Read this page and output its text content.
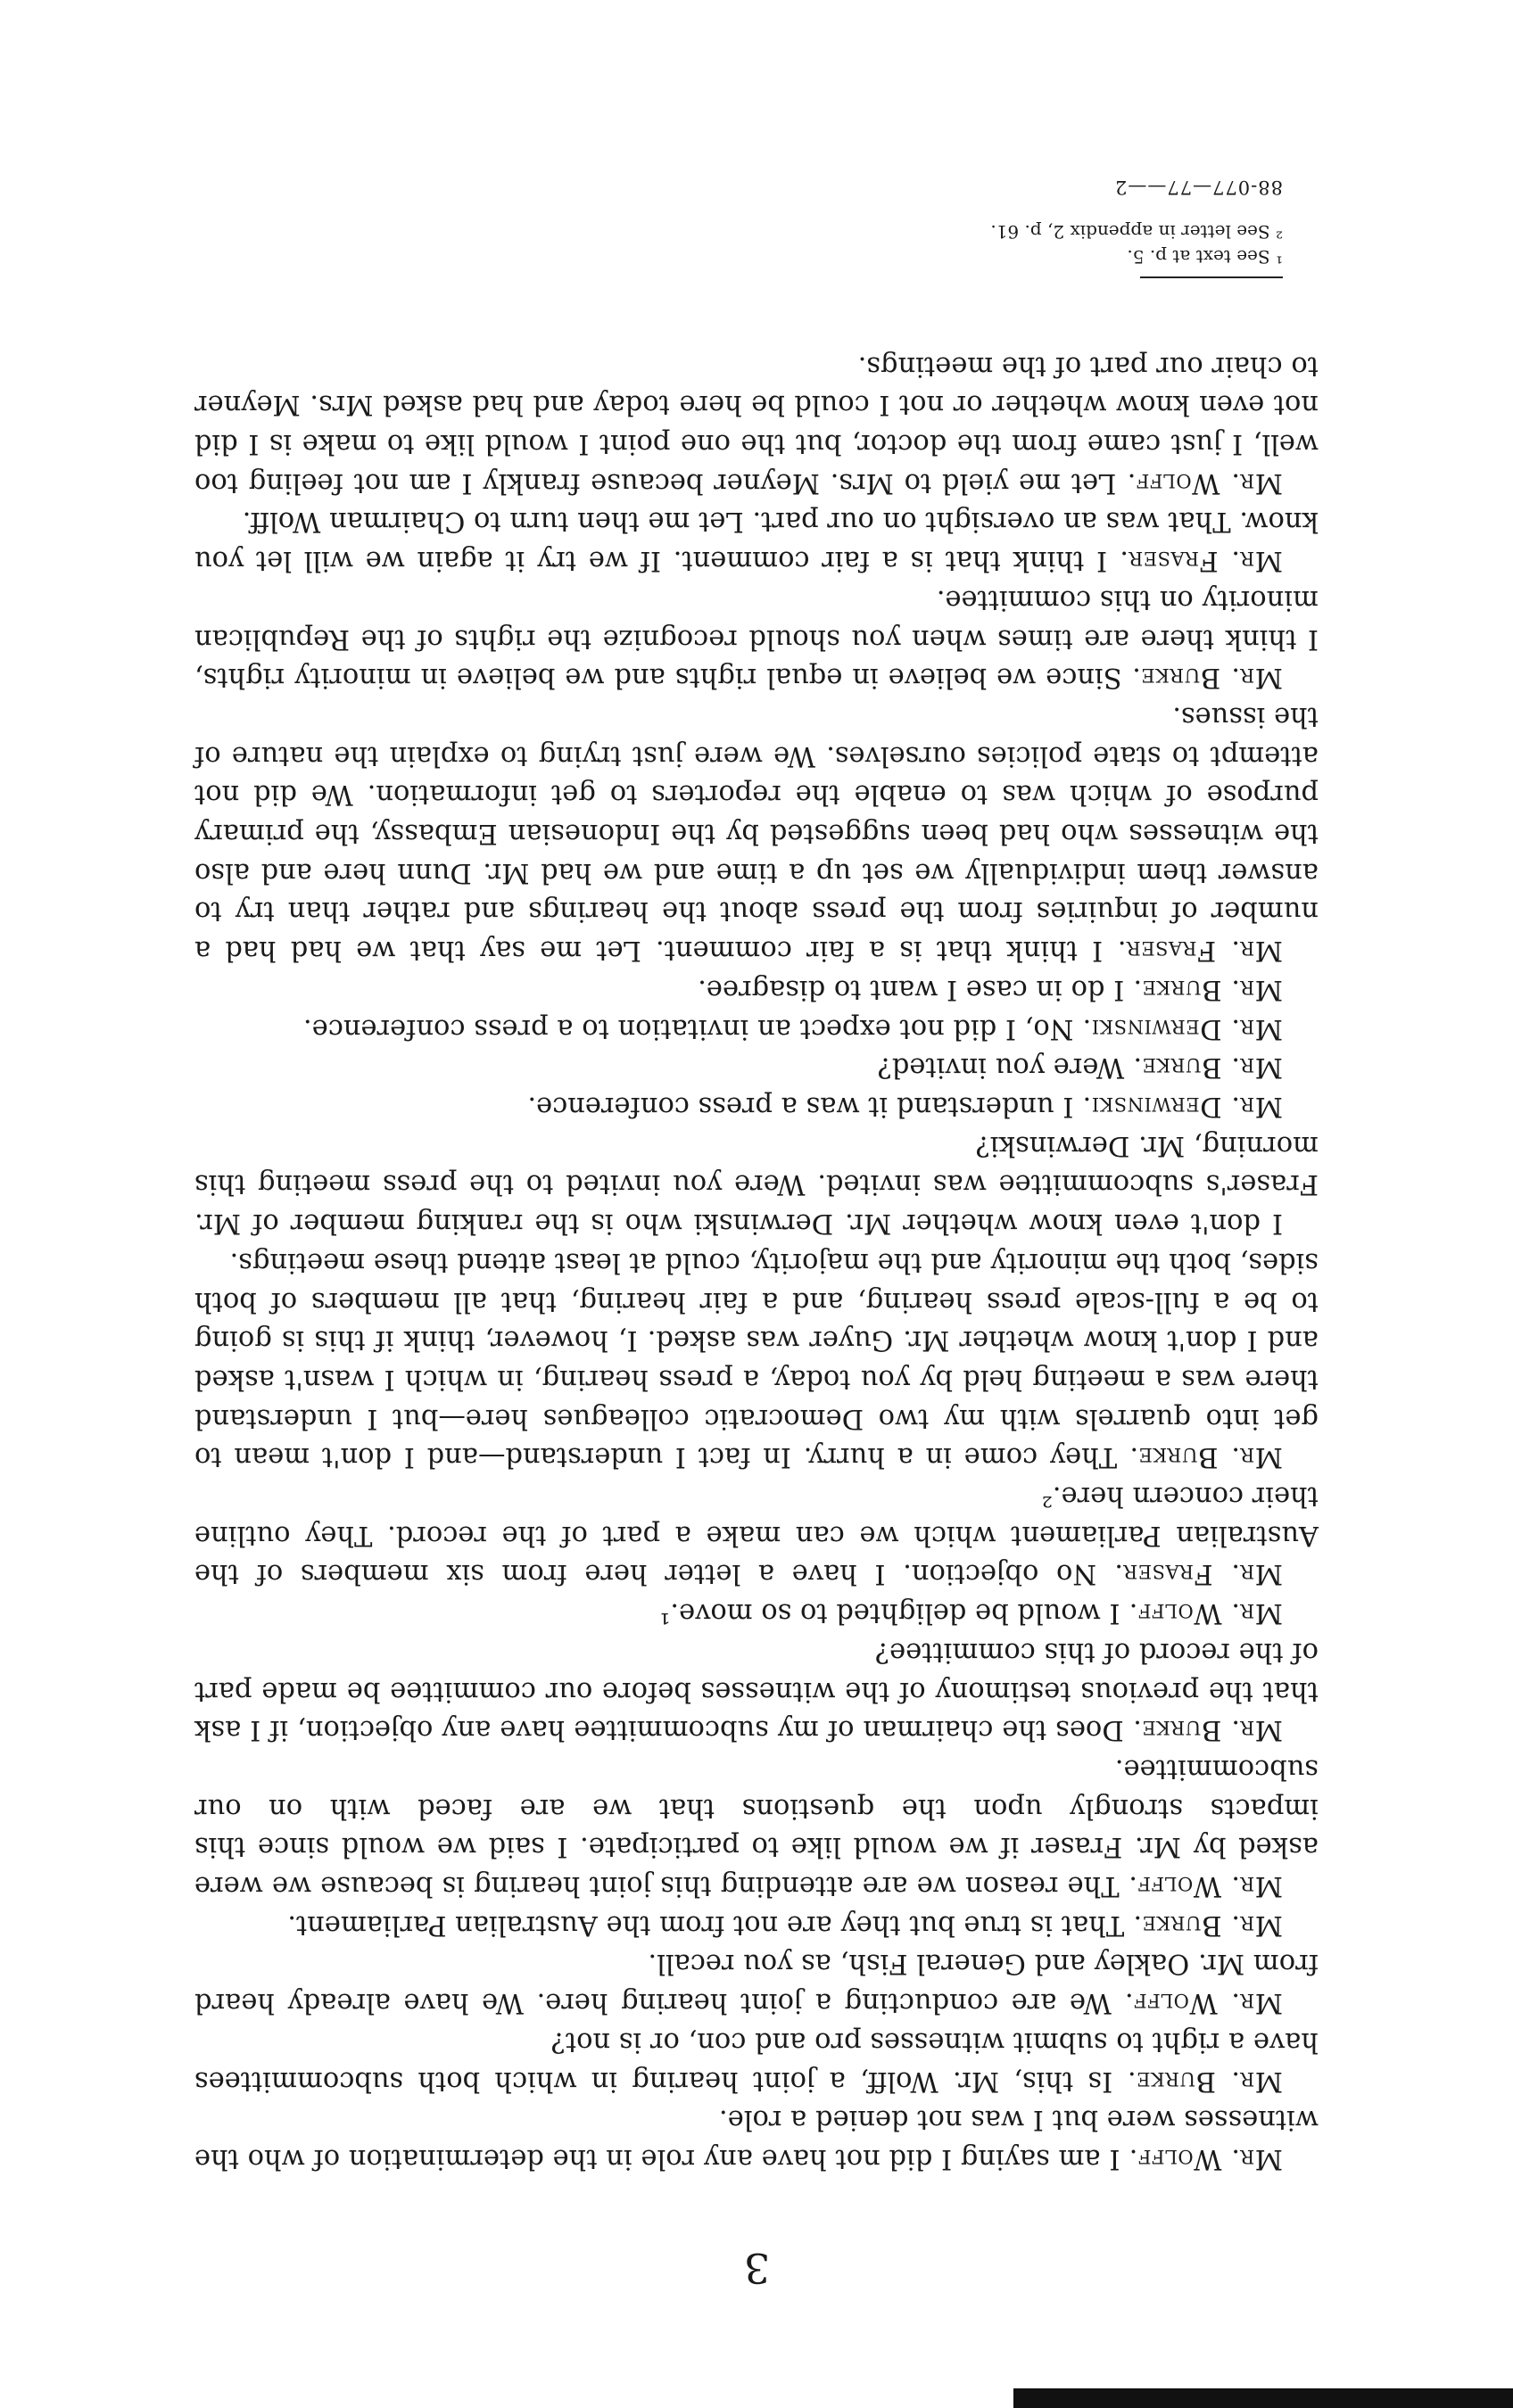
3

Mr. Wolff. I am saying I did not have any role in the determination of who the witnesses were but I was not denied a role.

Mr. Burke. Is this, Mr. Wolff, a joint hearing in which both subcommittees have a right to submit witnesses pro and con, or is not?

Mr. Wolff. We are conducting a joint hearing here. We have already heard from Mr. Oakley and General Fish, as you recall.

Mr. Burke. That is true but they are not from the Australian Parliament.

Mr. Wolff. The reason we are attending this joint hearing is because we were asked by Mr. Fraser if we would like to participate. I said we would since this impacts strongly upon the questions that we are faced with on our subcommittee.

Mr. Burke. Does the chairman of my subcommittee have any objection, if I ask that the previous testimony of the witnesses before our committee be made part of the record of this committee?

Mr. Wolff. I would be delighted to so move.¹

Mr. Fraser. No objection. I have a letter here from six members of the Australian Parliament which we can make a part of the record. They outline their concern here.²

Mr. Burke. They come in a hurry. In fact I understand—and I don't mean to get into quarrels with my two Democratic colleagues here—but I understand there was a meeting held by you today, a press hearing, in which I wasn't asked and I don't know whether Mr. Guyer was asked. I, however, think if this is going to be a full-scale press hearing, and a fair hearing, that all members of both sides, both the minority and the majority, could at least attend these meetings.

I don't even know whether Mr. Derwinski who is the ranking member of Mr. Fraser's subcommittee was invited. Were you invited to the press meeting this morning, Mr. Derwinski?

Mr. Derwinski. I understand it was a press conference.

Mr. Burke. Were you invited?

Mr. Derwinski. No, I did not expect an invitation to a press conference.

Mr. Burke. I do in case I want to disagree.

Mr. Fraser. I think that is a fair comment. Let me say that we had had a number of inquiries from the press about the hearings and rather than try to answer them individually we set up a time and we had Mr. Dunn here and also the witnesses who had been suggested by the Indonesian Embassy, the primary purpose of which was to enable the reporters to get information. We did not attempt to state policies ourselves. We were just trying to explain the nature of the issues.

Mr. Burke. Since we believe in equal rights and we believe in minority rights, I think there are times when you should recognize the rights of the Republican minority on this committee.

Mr. Fraser. I think that is a fair comment. If we try it again we will let you know. That was an oversight on our part. Let me then turn to Chairman Wolff.

Mr. Wolff. Let me yield to Mrs. Meyner because frankly I am not feeling too well, I just came from the doctor, but the one point I would like to make is I did not even know whether or not I could be here today and had asked Mrs. Meyner to chair our part of the meetings.

¹ See text at p. 5.
² See letter in appendix 2, p. 61.
88-077—77——2
